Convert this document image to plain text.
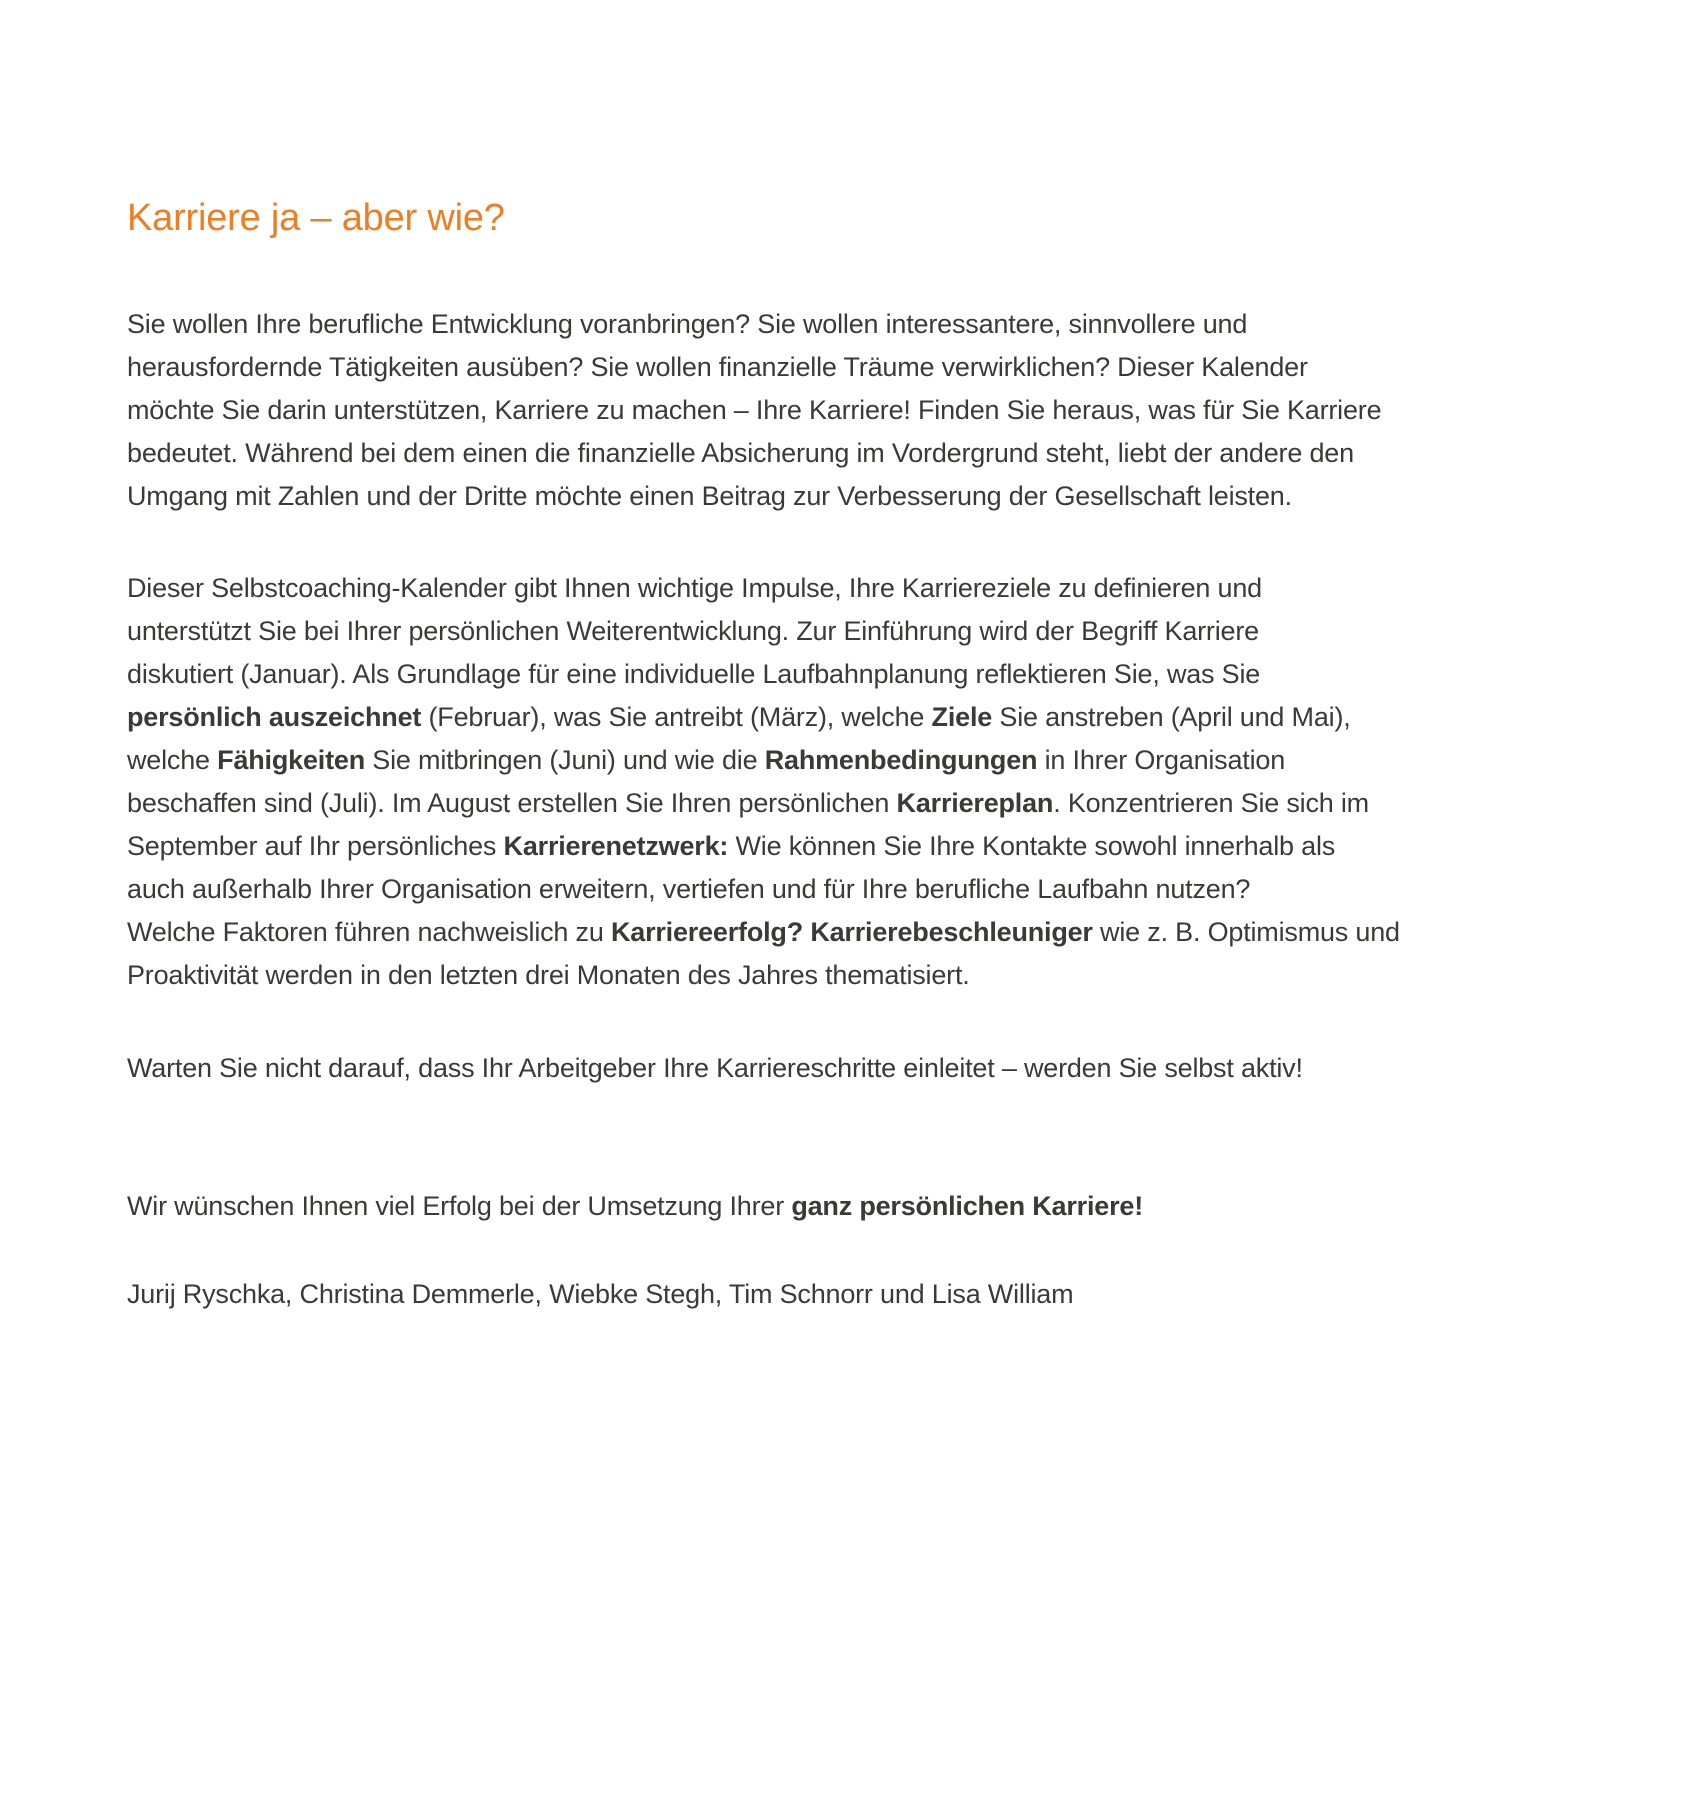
Karriere ja – aber wie?
Sie wollen Ihre berufliche Entwicklung voranbringen? Sie wollen interessantere, sinnvollere und
herausfordernde Tätigkeiten ausüben? Sie wollen finanzielle Träume verwirklichen? Dieser Kalender
möchte Sie darin unterstützen, Karriere zu machen – Ihre Karriere! Finden Sie heraus, was für Sie Karriere
bedeutet. Während bei dem einen die finanzielle Absicherung im Vordergrund steht, liebt der andere den
Umgang mit Zahlen und der Dritte möchte einen Beitrag zur Verbesserung der Gesellschaft leisten.
Dieser Selbstcoaching-Kalender gibt Ihnen wichtige Impulse, Ihre Karriereziele zu definieren und
unterstützt Sie bei Ihrer persönlichen Weiterentwicklung. Zur Einführung wird der Begriff Karriere
diskutiert (Januar). Als Grundlage für eine individuelle Laufbahnplanung reflektieren Sie, was Sie
persönlich auszeichnet (Februar), was Sie antreibt (März), welche Ziele Sie anstreben (April und Mai),
welche Fähigkeiten Sie mitbringen (Juni) und wie die Rahmenbedingungen in Ihrer Organisation
beschaffen sind (Juli). Im August erstellen Sie Ihren persönlichen Karriereplan. Konzentrieren Sie sich im
September auf Ihr persönliches Karrierenetzwerk: Wie können Sie Ihre Kontakte sowohl innerhalb als
auch außerhalb Ihrer Organisation erweitern, vertiefen und für Ihre berufliche Laufbahn nutzen?
Welche Faktoren führen nachweislich zu Karriereerfolg? Karrierebeschleuniger wie z. B. Optimismus und
Proaktivität werden in den letzten drei Monaten des Jahres thematisiert.
Warten Sie nicht darauf, dass Ihr Arbeitgeber Ihre Karriereschritte einleitet – werden Sie selbst aktiv!
Wir wünschen Ihnen viel Erfolg bei der Umsetzung Ihrer ganz persönlichen Karriere!
Jurij Ryschka, Christina Demmerle, Wiebke Stegh, Tim Schnorr und Lisa William
